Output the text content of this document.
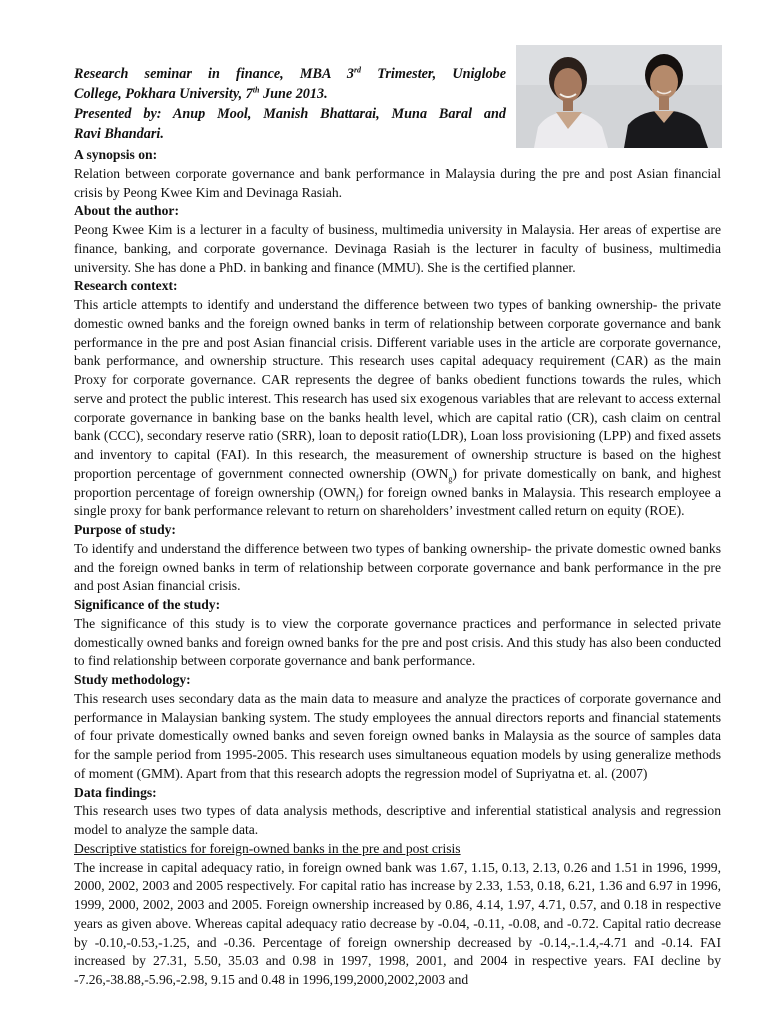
Research seminar in finance, MBA 3rd Trimester, Uniglobe

College, Pokhara University, 7th June 2013.

Presented by: Anup Mool, Manish Bhattarai, Muna Baral and

Ravi Bhandari.

A synopsis on:

Relation between corporate governance and bank performance in Malaysia during the pre and post Asian financial crisis by Peong Kwee Kim and Devinaga Rasiah.

About the author:

Peong Kwee Kim is a lecturer in a faculty of business, multimedia university in Malaysia. Her areas of expertise are finance, banking, and corporate governance. Devinaga Rasiah is the lecturer in faculty of business, multimedia university. She has done a PhD. in banking and finance (MMU). She is the certified planner.

Research context:

This article attempts to identify and understand the difference between two types of banking ownership- the private domestic owned banks and the foreign owned banks in term of relationship between corporate governance and bank performance in the pre and post Asian financial crisis. Different variable uses in the article are corporate governance, bank performance, and ownership structure. This research uses capital adequacy requirement (CAR) as the main Proxy for corporate governance. CAR represents the degree of banks obedient functions towards the rules, which serve and protect the public interest. This research has used six exogenous variables that are relevant to access external corporate governance in banking base on the banks health level, which are capital ratio (CR), cash claim on central bank (CCC), secondary reserve ratio (SRR), loan to deposit ratio(LDR), Loan loss provisioning (LPP) and fixed assets and inventory to capital (FAI). In this research, the measurement of ownership structure is based on the highest proportion percentage of government connected ownership $(OWN_g)$ for private domestically on bank, and highest proportion percentage of foreign ownership $(OWN_f)$ for foreign owned banks in Malaysia. This research employee a single proxy for bank performance relevant to return on shareholders’ investment called return on equity (ROE).

Purpose of study:

To identify and understand the difference between two types of banking ownership- the private domestic owned banks and the foreign owned banks in term of relationship between corporate governance and bank performance in the pre and post Asian financial crisis.

Significance of the study:

The significance of this study is to view the corporate governance practices and performance in selected private domestically owned banks and foreign owned banks for the pre and post crisis. And this study has also been conducted to find relationship between corporate governance and bank performance.

Study methodology:

This research uses secondary data as the main data to measure and analyze the practices of corporate governance and performance in Malaysian banking system. The study employees the annual directors reports and financial statements of four private domestically owned banks and seven foreign owned banks in Malaysia as the source of samples data for the sample period from 1995-2005. This research uses simultaneous equation models by using generalize methods of moment (GMM). Apart from that this research adopts the regression model of Supriyatna et. al. (2007)

Data findings:

This research uses two types of data analysis methods, descriptive and inferential statistical analysis and regression model to analyze the sample data.

Descriptive statistics for foreign-owned banks in the pre and post crisis

The increase in capital adequacy ratio, in foreign owned bank was 1.67, 1.15, 0.13, 2.13, 0.26 and 1.51 in 1996, 1999, 2000, 2002, 2003 and 2005 respectively. For capital ratio has increase by 2.33, 1.53, 0.18, 6.21, 1.36 and 6.97 in 1996, 1999, 2000, 2002, 2003 and 2005. Foreign ownership increased by 0.86, 4.14, 1.97, 4.71, 0.57, and 0.18 in respective years as given above. Whereas capital adequacy ratio decrease by -0.04, -0.11, -0.08, and -0.72. Capital ratio decrease by -0.10,-0.53,-1.25, and -0.36. Percentage of foreign ownership decreased by -0.14,-.1.4,-4.71 and -0.14. FAI increased by 27.31, 5.50, 35.03 and 0.98 in 1997, 1998, 2001, and 2004 in respective years. FAI decline by -7.26,-38.88,-5.96,-2.98, 9.15 and 0.48 in 1996,199,2000,2002,2003 and
